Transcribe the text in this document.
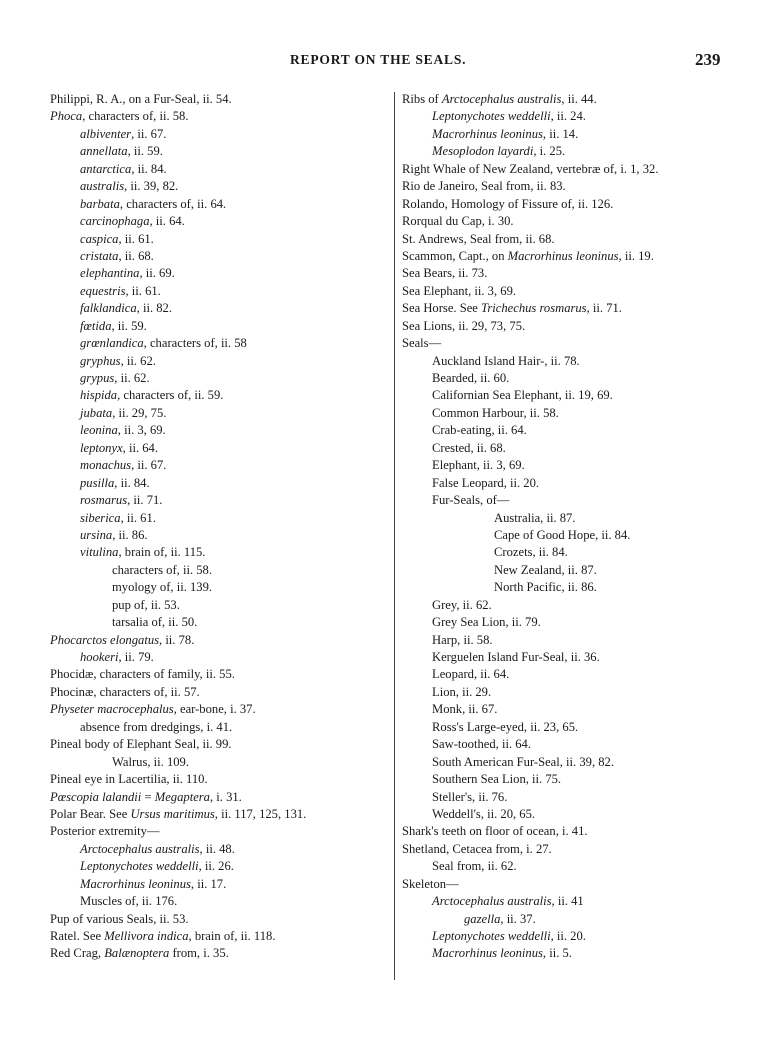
REPORT ON THE SEALS.	239
Philippi, R. A., on a Fur-Seal, ii. 54.
Phoca, characters of, ii. 58.
albiventer, ii. 67.
annellata, ii. 59.
antarctica, ii. 84.
australis, ii. 39, 82.
barbata, characters of, ii. 64.
carcinophaga, ii. 64.
caspica, ii. 61.
cristata, ii. 68.
elephantina, ii. 69.
equestris, ii. 61.
falklandica, ii. 82.
fœtida, ii. 59.
grœnlandica, characters of, ii. 58
gryphus, ii. 62.
grypus, ii. 62.
hispida, characters of, ii. 59.
jubata, ii. 29, 75.
leonina, ii. 3, 69.
leptonyx, ii. 64.
monachus, ii. 67.
pusilla, ii. 84.
rosmarus, ii. 71.
siberica, ii. 61.
ursina, ii. 86.
vitulina, brain of, ii. 115.
characters of, ii. 58.
myology of, ii. 139.
pup of, ii. 53.
tarsalia of, ii. 50.
Phocarctos elongatus, ii. 78.
hookeri, ii. 79.
Phocidæ, characters of family, ii. 55.
Phocinæ, characters of, ii. 57.
Physeter macrocephalus, ear-bone, i. 37.
absence from dredgings, i. 41.
Pineal body of Elephant Seal, ii. 99.
Walrus, ii. 109.
Pineal eye in Lacertilia, ii. 110.
Pœscopia lalandii = Megaptera, i. 31.
Polar Bear. See Ursus maritimus, ii. 117, 125, 131.
Posterior extremity—
Arctocephalus australis, ii. 48.
Leptonychotes weddelli, ii. 26.
Macrorhinus leoninus, ii. 17.
Muscles of, ii. 176.
Pup of various Seals, ii. 53.
Ratel. See Mellivora indica, brain of, ii. 118.
Red Crag, Balænoptera from, i. 35.
Ribs of Arctocephalus australis, ii. 44.
Leptonychotes weddelli, ii. 24.
Macrorhinus leoninus, ii. 14.
Mesoplodon layardi, i. 25.
Right Whale of New Zealand, vertebræ of, i. 1, 32.
Rio de Janeiro, Seal from, ii. 83.
Rolando, Homology of Fissure of, ii. 126.
Rorqual du Cap, i. 30.
St. Andrews, Seal from, ii. 68.
Scammon, Capt., on Macrorhinus leoninus, ii. 19.
Sea Bears, ii. 73.
Sea Elephant, ii. 3, 69.
Sea Horse. See Trichechus rosmarus, ii. 71.
Sea Lions, ii. 29, 73, 75.
Seals—
Auckland Island Hair-, ii. 78.
Bearded, ii. 60.
Californian Sea Elephant, ii. 19, 69.
Common Harbour, ii. 58.
Crab-eating, ii. 64.
Crested, ii. 68.
Elephant, ii. 3, 69.
False Leopard, ii. 20.
Fur-Seals, of—
Australia, ii. 87.
Cape of Good Hope, ii. 84.
Crozets, ii. 84.
New Zealand, ii. 87.
North Pacific, ii. 86.
Grey, ii. 62.
Grey Sea Lion, ii. 79.
Harp, ii. 58.
Kerguelen Island Fur-Seal, ii. 36.
Leopard, ii. 64.
Lion, ii. 29.
Monk, ii. 67.
Ross's Large-eyed, ii. 23, 65.
Saw-toothed, ii. 64.
South American Fur-Seal, ii. 39, 82.
Southern Sea Lion, ii. 75.
Steller's, ii. 76.
Weddell's, ii. 20, 65.
Shark's teeth on floor of ocean, i. 41.
Shetland, Cetacea from, i. 27.
Seal from, ii. 62.
Skeleton—
Arctocephalus australis, ii. 41
gazella, ii. 37.
Leptonychotes weddelli, ii. 20.
Macrorhinus leoninus, ii. 5.
